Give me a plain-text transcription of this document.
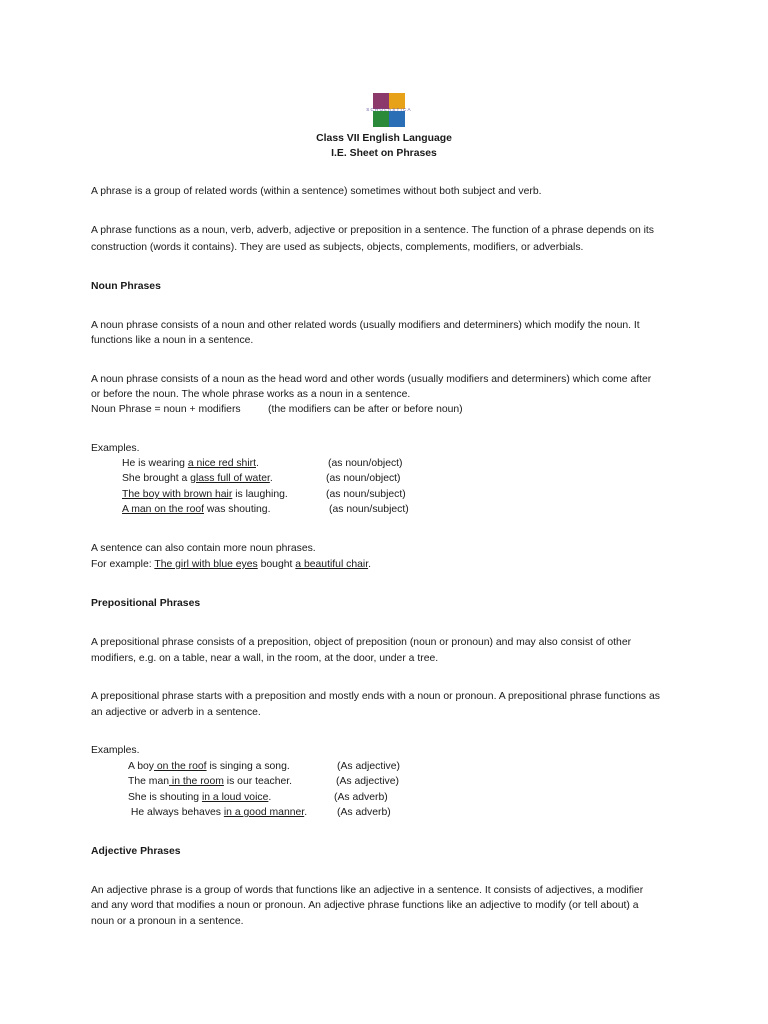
SCHOLASTICA
Class VII English Language
I.E. Sheet on Phrases
A phrase is a group of related words (within a sentence) sometimes without both subject and verb.
A phrase functions as a noun, verb, adverb, adjective or preposition in a sentence. The function of a phrase depends on its
construction (words it contains). They are used as subjects, objects, complements, modifiers, or adverbials.
Noun Phrases
A noun phrase consists of a noun and other related words (usually modifiers and determiners) which modify the noun. It
functions like a noun in a sentence.
A noun phrase consists of a noun as the head word and other words (usually modifiers and determiners) which come after
or before the noun. The whole phrase works as a noun in a sentence.
Noun Phrase = noun + modifiers	(the modifiers can be after or before noun)
Examples.
He is wearing a nice red shirt.	(as noun/object)
She brought a glass full of water.	(as noun/object)
The boy with brown hair is laughing.	(as noun/subject)
A man on the roof was shouting.	(as noun/subject)
A sentence can also contain more noun phrases.
For example: The girl with blue eyes bought a beautiful chair.
Prepositional Phrases
A prepositional phrase consists of a preposition, object of preposition (noun or pronoun) and may also consist of other
modifiers, e.g. on a table, near a wall, in the room, at the door, under a tree.
A prepositional phrase starts with a preposition and mostly ends with a noun or pronoun. A prepositional phrase functions as
an adjective or adverb in a sentence.
Examples.
A boy on the roof is singing a song.	(As adjective)
The man in the room is our teacher.	(As adjective)
She is shouting in a loud voice.	(As adverb)
He always behaves in a good manner.	(As adverb)
Adjective Phrases
An adjective phrase is a group of words that functions like an adjective in a sentence. It consists of adjectives, a modifier
and any word that modifies a noun or pronoun. An adjective phrase functions like an adjective to modify (or tell about) a
noun or a pronoun in a sentence.
